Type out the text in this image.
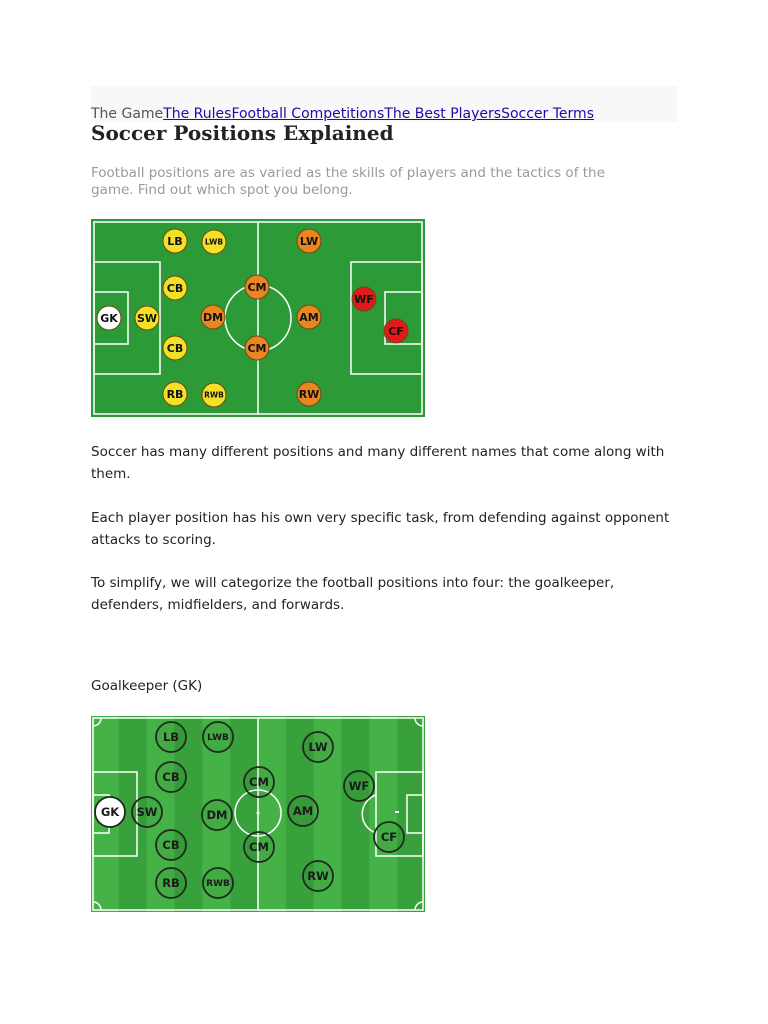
The GameThe RulesFootball CompetitionsThe Best PlayersSoccer Terms
Soccer Positions Explained

Football positions are as varied as the skills of players and the tactics of the game. Find out which spot you belong.

LB	LWB	LW
CB	CM
WF
GK SW	DM	AM
CF
CB	CM
RB	RWB	RW

Soccer has many different positions and many different names that come along with them.

Each player position has his own very specific task, from defending against opponent attacks to scoring.

To simplify, we will categorize the football positions into four: the goalkeeper, defenders, midfielders, and forwards.

Goalkeeper (GK)

LB	LWB
LW
CB	CM	WF
GK SW	DM	AM
CF
CB	CM
RB	RWB
RW
